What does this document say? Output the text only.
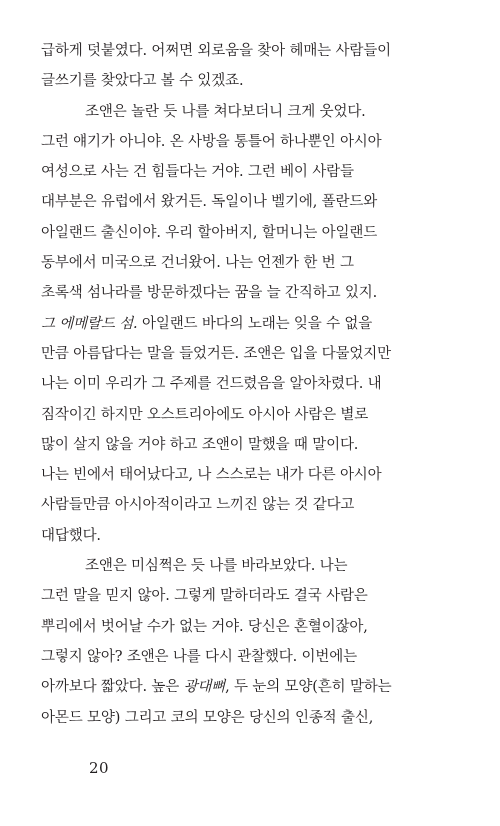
급하게 덧붙였다. 어쩌면 외로움을 찾아 헤매는 사람들이
글쓰기를 찾았다고 볼 수 있겠죠.
조앤은 놀란 듯 나를 쳐다보더니 크게 웃었다.
그런 얘기가 아니야. 온 사방을 통틀어 하나뿐인 아시아
여성으로 사는 건 힘들다는 거야. 그런 베이 사람들
대부분은 유럽에서 왔거든. 독일이나 벨기에, 폴란드와
아일랜드 출신이야. 우리 할아버지, 할머니는 아일랜드
동부에서 미국으로 건너왔어. 나는 언젠가 한 번 그
초록색 섬나라를 방문하겠다는 꿈을 늘 간직하고 있지.
그 에메랄드 섬. 아일랜드 바다의 노래는 잊을 수 없을
만큼 아름답다는 말을 들었거든. 조앤은 입을 다물었지만
나는 이미 우리가 그 주제를 건드렸음을 알아차렸다. 내
짐작이긴 하지만 오스트리아에도 아시아 사람은 별로
많이 살지 않을 거야 하고 조앤이 말했을 때 말이다.
나는 빈에서 태어났다고, 나 스스로는 내가 다른 아시아
사람들만큼 아시아적이라고 느끼진 않는 것 같다고
대답했다.
조앤은 미심쩍은 듯 나를 바라보았다. 나는
그런 말을 믿지 않아. 그렇게 말하더라도 결국 사람은
뿌리에서 벗어날 수가 없는 거야. 당신은 혼혈이잖아,
그렇지 않아? 조앤은 나를 다시 관찰했다. 이번에는
아까보다 짧았다. 높은 광대뼈, 두 눈의 모양(흔히 말하는
아몬드 모양) 그리고 코의 모양은 당신의 인종적 출신,
20
